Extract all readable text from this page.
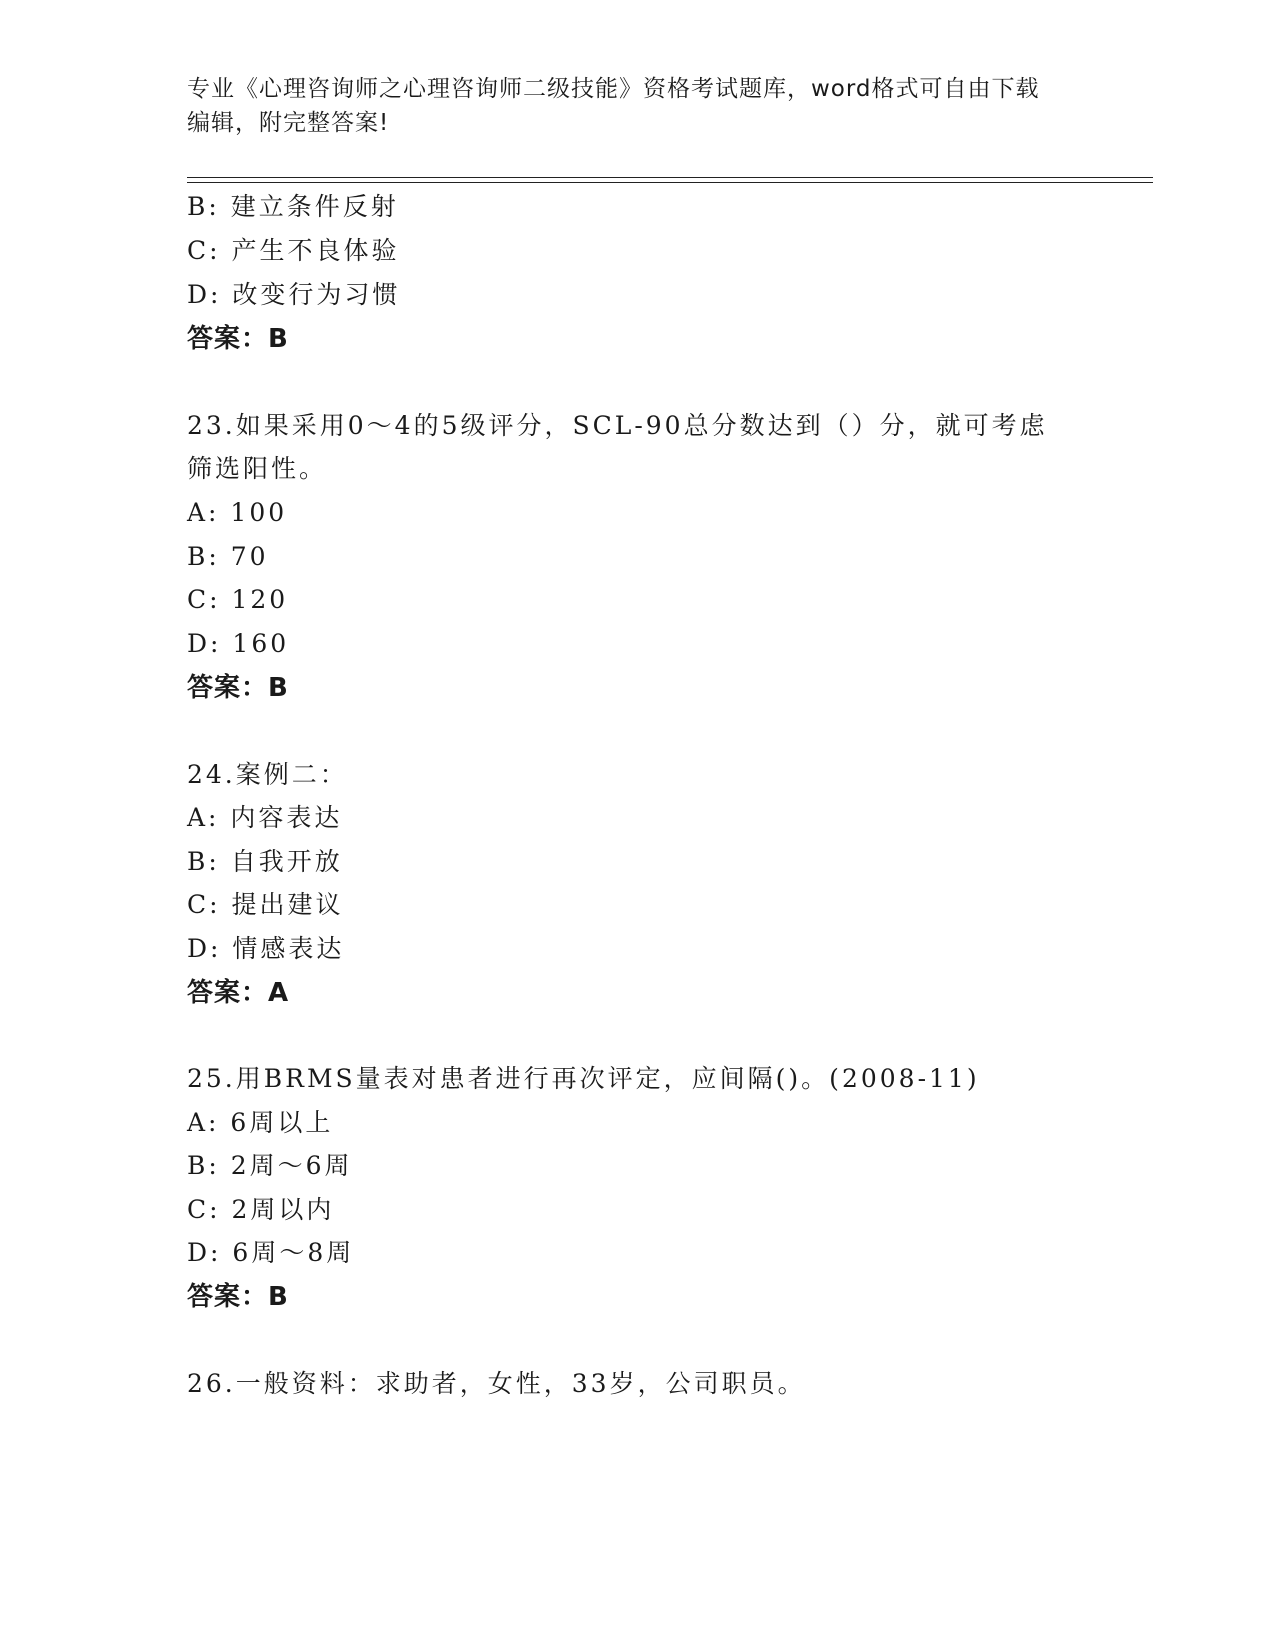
专业《心理咨询师之心理咨询师二级技能》资格考试题库，word格式可自由下载
编辑，附完整答案!
B: 建立条件反射
C: 产生不良体验
D: 改变行为习惯
答案：B
23.如果采用0～4的5级评分，SCL-90总分数达到（）分，就可考虑
筛选阳性。
A: 100
B: 70
C: 120
D: 160
答案：B
24.案例二：
A: 内容表达
B: 自我开放
C: 提出建议
D: 情感表达
答案：A
25.用BRMS量表对患者进行再次评定，应间隔()。(2008-11)
A: 6周以上
B: 2周～6周
C: 2周以内
D: 6周～8周
答案：B
26.一般资料：求助者，女性，33岁，公司职员。
